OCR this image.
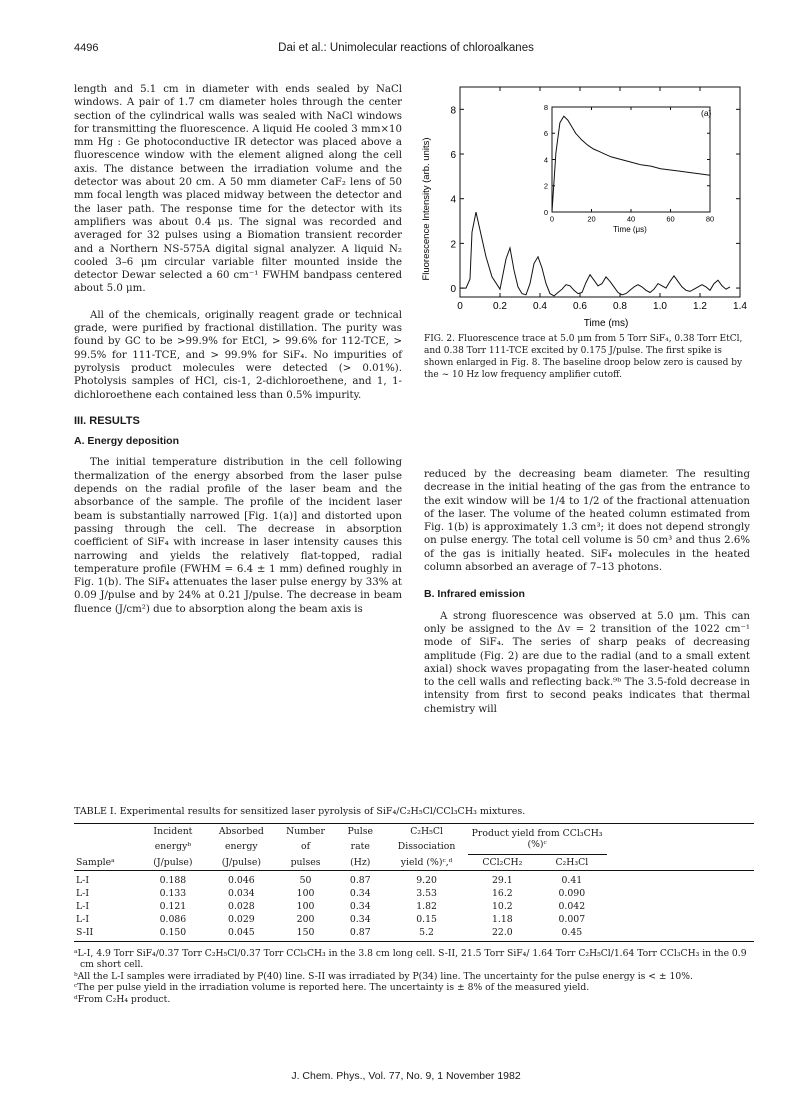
4496	Dai et al.: Unimolecular reactions of chloroalkanes

length and 5.1 cm in diameter with ends sealed by NaCl windows. A pair of 1.7 cm diameter holes through the center section of the cylindrical walls was sealed with NaCl windows for transmitting the fluorescence. A liquid He cooled 3 mm×10 mm Hg : Ge photoconductive IR detector was placed above a fluorescence window with the element aligned along the cell axis. The distance between the irradiation volume and the detector was about 20 cm. A 50 mm diameter CaF₂ lens of 50 mm focal length was placed midway between the detector and the laser path. The response time for the detector with its amplifiers was about 0.4 μs. The signal was recorded and averaged for 32 pulses using a Biomation transient recorder and a Northern NS-575A digital signal analyzer. A liquid N₂ cooled 3–6 μm circular variable filter mounted inside the detector Dewar selected a 60 cm⁻¹ FWHM bandpass centered about 5.0 μm.

All of the chemicals, originally reagent grade or technical grade, were purified by fractional distillation. The purity was found by GC to be >99.9% for EtCl, > 99.6% for 112-TCE, > 99.5% for 111-TCE, and > 99.9% for SiF₄. No impurities of pyrolysis product molecules were detected (> 0.01%). Photolysis samples of HCl, cis-1, 2-dichloroethene, and 1, 1-dichloroethene each contained less than 0.5% impurity.

III. RESULTS
A. Energy deposition

The initial temperature distribution in the cell following thermalization of the energy absorbed from the laser pulse depends on the radial profile of the laser beam and the absorbance of the sample. The profile of the incident laser beam is substantially narrowed [Fig. 1(a)] and distorted upon passing through the cell. The decrease in absorption coefficient of SiF₄ with increase in laser intensity causes this narrowing and yields the relatively flat-topped, radial temperature profile (FWHM = 6.4 ± 1 mm) defined roughly in Fig. 1(b). The SiF₄ attenuates the laser pulse energy by 33% at 0.09 J/pulse and by 24% at 0.21 J/pulse. The decrease in beam fluence (J/cm²) due to absorption along the beam axis is

0	0.2	0.4	0.6	0.8	1.0	1.2	1.4
0
2
4
6
8
0	20	40	60	80
0
2
4
6
8
Fluorescence Intensity (arb. units)
Time (ms)
(a)
Time (μs)
FIG. 2. Fluorescence trace at 5.0 μm from 5 Torr SiF₄, 0.38 Torr EtCl, and 0.38 Torr 111-TCE excited by 0.175 J/pulse. The first spike is shown enlarged in Fig. 8. The baseline droop below zero is caused by the ~ 10 Hz low frequency amplifier cutoff.

reduced by the decreasing beam diameter. The resulting decrease in the initial heating of the gas from the entrance to the exit window will be 1/4 to 1/2 of the fractional attenuation of the laser. The volume of the heated column estimated from Fig. 1(b) is approximately 1.3 cm³; it does not depend strongly on pulse energy. The total cell volume is 50 cm³ and thus 2.6% of the gas is initially heated. SiF₄ molecules in the heated column absorbed an average of 7–13 photons.

B. Infrared emission

A strong fluorescence was observed at 5.0 μm. This can only be assigned to the Δv = 2 transition of the 1022 cm⁻¹ mode of SiF₄. The series of sharp peaks of decreasing amplitude (Fig. 2) are due to the radial (and to a small extent axial) shock waves propagating from the laser-heated column to the cell walls and reflecting back.⁹ᵇ The 3.5-fold decrease in intensity from first to second peaks indicates that thermal chemistry will

TABLE I. Experimental results for sensitized laser pyrolysis of SiF₄/C₂H₅Cl/CCl₃CH₃ mixtures.
	Incident	Absorbed	Number	Pulse	C₂H₅Cl	Product yield from CCl₃CH₃ (%)ᶜ		
	energyᵇ	energy	of	rate	Dissociation			
Sampleᵃ	(J/pulse)	(J/pulse)	pulses	(Hz)	yield (%)ᶜ,ᵈ	CCl₂CH₂	C₂H₃Cl	
L-I	0.188	0.046	50	0.87	9.20	29.1	0.41	
L-I	0.133	0.034	100	0.34	3.53	16.2	0.090	
L-I	0.121	0.028	100	0.34	1.82	10.2	0.042	
L-I	0.086	0.029	200	0.34	0.15	1.18	0.007	
S-II	0.150	0.045	150	0.87	5.2	22.0	0.45	
ᵃL-I, 4.9 Torr SiF₄/0.37 Torr C₂H₅Cl/0.37 Torr CCl₃CH₃ in the 3.8 cm long cell. S-II, 21.5 Torr SiF₄/ 1.64 Torr C₂H₅Cl/1.64 Torr CCl₃CH₃ in the 0.9 cm short cell.
ᵇAll the L-I samples were irradiated by P(40) line. S-II was irradiated by P(34) line. The uncertainty for the pulse energy is < ± 10%.
ᶜThe per pulse yield in the irradiation volume is reported here. The uncertainty is ± 8% of the measured yield.
ᵈFrom C₂H₄ product.
J. Chem. Phys., Vol. 77, No. 9, 1 November 1982
